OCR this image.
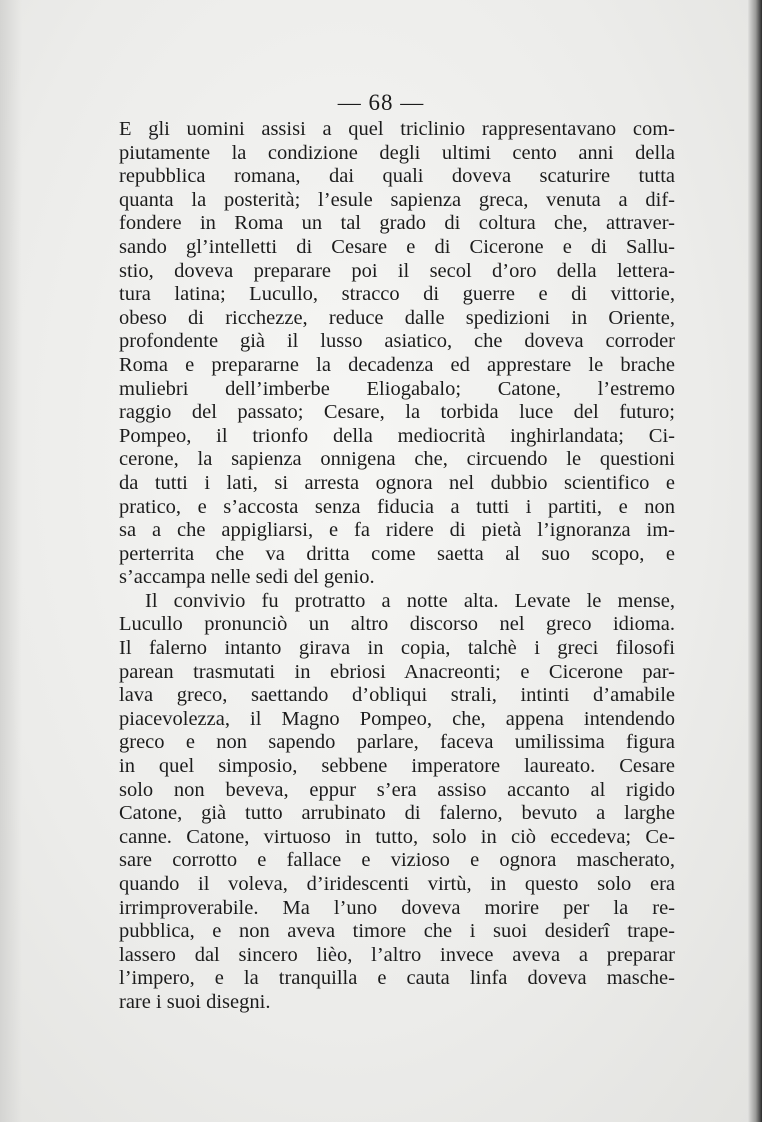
— 68 —
E gli uomini assisi a quel triclinio rappresentavano com-
piutamente la condizione degli ultimi cento anni della
repubblica romana, dai quali doveva scaturire tutta
quanta la posterità; l’esule sapienza greca, venuta a dif-
fondere in Roma un tal grado di coltura che, attraver-
sando gl’intelletti di Cesare e di Cicerone e di Sallu-
stio, doveva preparare poi il secol d’oro della lettera-
tura latina; Lucullo, stracco di guerre e di vittorie,
obeso di ricchezze, reduce dalle spedizioni in Oriente,
profondente già il lusso asiatico, che doveva corroder
Roma e prepararne la decadenza ed apprestare le brache
muliebri dell’imberbe Eliogabalo; Catone, l’estremo
raggio del passato; Cesare, la torbida luce del futuro;
Pompeo, il trionfo della mediocrità inghirlandata; Ci-
cerone, la sapienza onnigena che, circuendo le questioni
da tutti i lati, si arresta ognora nel dubbio scientifico e
pratico, e s’accosta senza fiducia a tutti i partiti, e non
sa a che appigliarsi, e fa ridere di pietà l’ignoranza im-
perterrita che va dritta come saetta al suo scopo, e
s’accampa nelle sedi del genio.
Il convivio fu protratto a notte alta. Levate le mense,
Lucullo pronunciò un altro discorso nel greco idioma.
Il falerno intanto girava in copia, talchè i greci filosofi
parean trasmutati in ebriosi Anacreonti; e Cicerone par-
lava greco, saettando d’obliqui strali, intinti d’amabile
piacevolezza, il Magno Pompeo, che, appena intendendo
greco e non sapendo parlare, faceva umilissima figura
in quel simposio, sebbene imperatore laureato. Cesare
solo non beveva, eppur s’era assiso accanto al rigido
Catone, già tutto arrubinato di falerno, bevuto a larghe
canne. Catone, virtuoso in tutto, solo in ciò eccedeva; Ce-
sare corrotto e fallace e vizioso e ognora mascherato,
quando il voleva, d’iridescenti virtù, in questo solo era
irrimproverabile. Ma l’uno doveva morire per la re-
pubblica, e non aveva timore che i suoi desiderî trape-
lassero dal sincero lièo, l’altro invece aveva a preparar
l’impero, e la tranquilla e cauta linfa doveva masche-
rare i suoi disegni.
